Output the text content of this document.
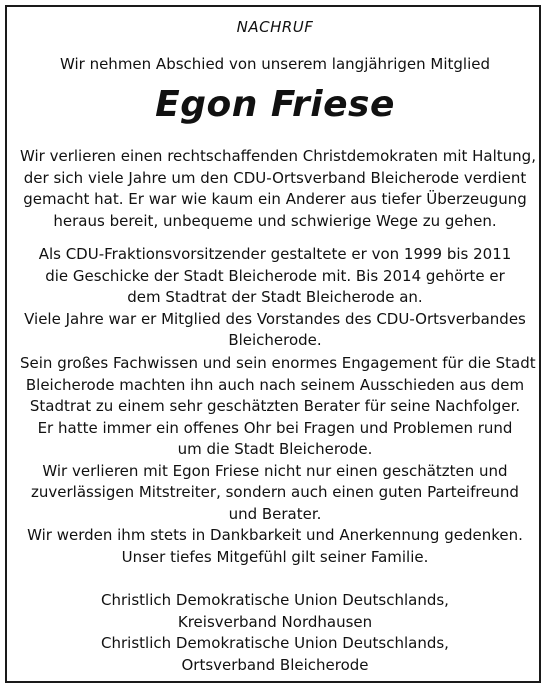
NACHRUF
Wir nehmen Abschied von unserem langjährigen Mitglied
Egon Friese
Wir verlieren einen rechtschaffenden Christdemokraten mit Haltung,
der sich viele Jahre um den CDU-Ortsverband Bleicherode verdient
gemacht hat. Er war wie kaum ein Anderer aus tiefer Überzeugung
heraus bereit, unbequeme und schwierige Wege zu gehen.
Als CDU-Fraktionsvorsitzender gestaltete er von 1999 bis 2011
die Geschicke der Stadt Bleicherode mit. Bis 2014 gehörte er
dem Stadtrat der Stadt Bleicherode an.
Viele Jahre war er Mitglied des Vorstandes des CDU-Ortsverbandes
Bleicherode.
Sein großes Fachwissen und sein enormes Engagement für die Stadt
Bleicherode machten ihn auch nach seinem Ausschieden aus dem
Stadtrat zu einem sehr geschätzten Berater für seine Nachfolger.
Er hatte immer ein offenes Ohr bei Fragen und Problemen rund
um die Stadt Bleicherode.
Wir verlieren mit Egon Friese nicht nur einen geschätzten und
zuverlässigen Mitstreiter, sondern auch einen guten Parteifreund
und Berater.
Wir werden ihm stets in Dankbarkeit und Anerkennung gedenken.
Unser tiefes Mitgefühl gilt seiner Familie.
Christlich Demokratische Union Deutschlands,
Kreisverband Nordhausen
Christlich Demokratische Union Deutschlands,
Ortsverband Bleicherode
